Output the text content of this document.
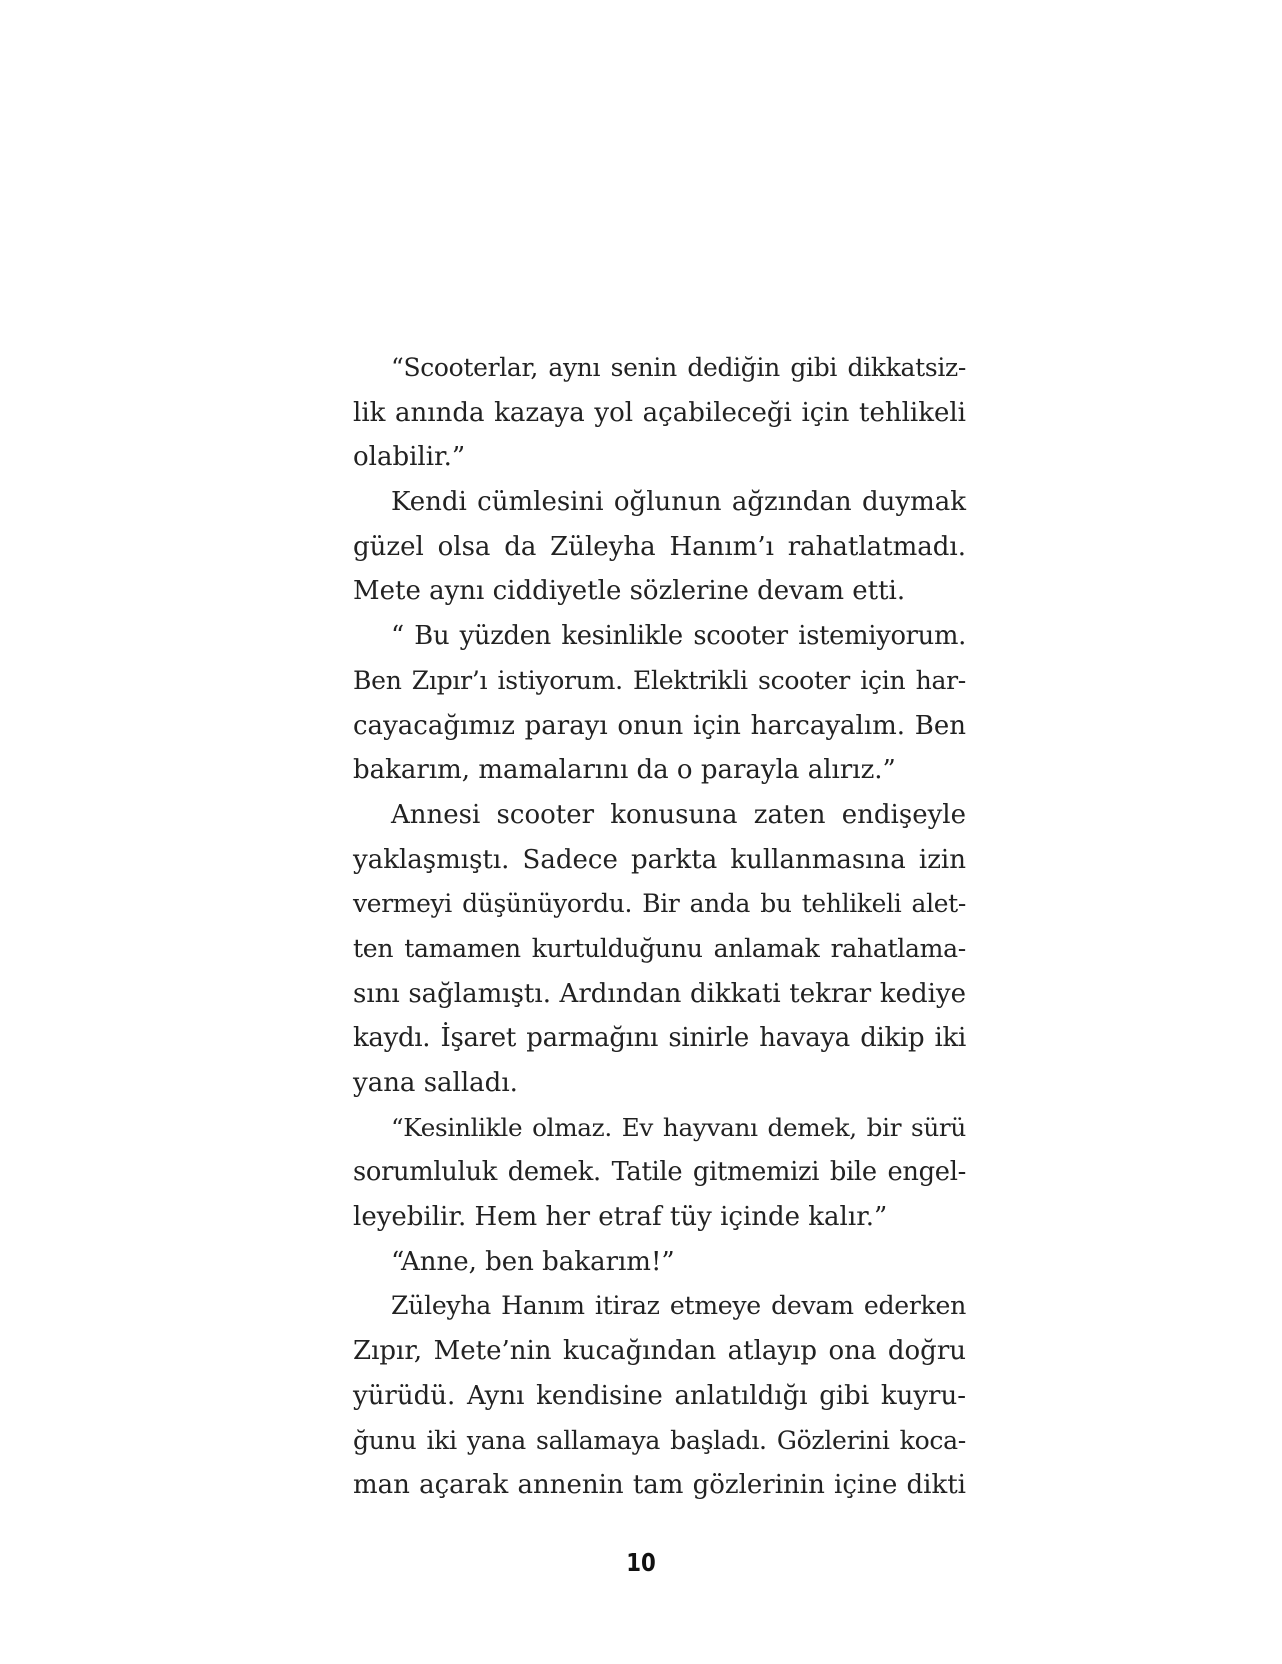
“Scooterlar, aynı senin dediğin gibi dikkatsiz-
lik anında kazaya yol açabileceği için tehlikeli
olabilir.”
Kendi cümlesini oğlunun ağzından duymak
güzel olsa da Züleyha Hanım’ı rahatlatmadı.
Mete aynı ciddiyetle sözlerine devam etti.
“ Bu yüzden kesinlikle scooter istemiyorum.
Ben Zıpır’ı istiyorum. Elektrikli scooter için har-
cayacağımız parayı onun için harcayalım. Ben
bakarım, mamalarını da o parayla alırız.”
Annesi scooter konusuna zaten endişeyle
yaklaşmıştı. Sadece parkta kullanmasına izin
vermeyi düşünüyordu. Bir anda bu tehlikeli alet-
ten tamamen kurtulduğunu anlamak rahatlama-
sını sağlamıştı. Ardından dikkati tekrar kediye
kaydı. İşaret parmağını sinirle havaya dikip iki
yana salladı.
“Kesinlikle olmaz. Ev hayvanı demek, bir sürü
sorumluluk demek. Tatile gitmemizi bile engel-
leyebilir. Hem her etraf tüy içinde kalır.”
“Anne, ben bakarım!”
Züleyha Hanım itiraz etmeye devam ederken
Zıpır, Mete’nin kucağından atlayıp ona doğru
yürüdü. Aynı kendisine anlatıldığı gibi kuyru-
ğunu iki yana sallamaya başladı. Gözlerini koca-
man açarak annenin tam gözlerinin içine dikti
10
